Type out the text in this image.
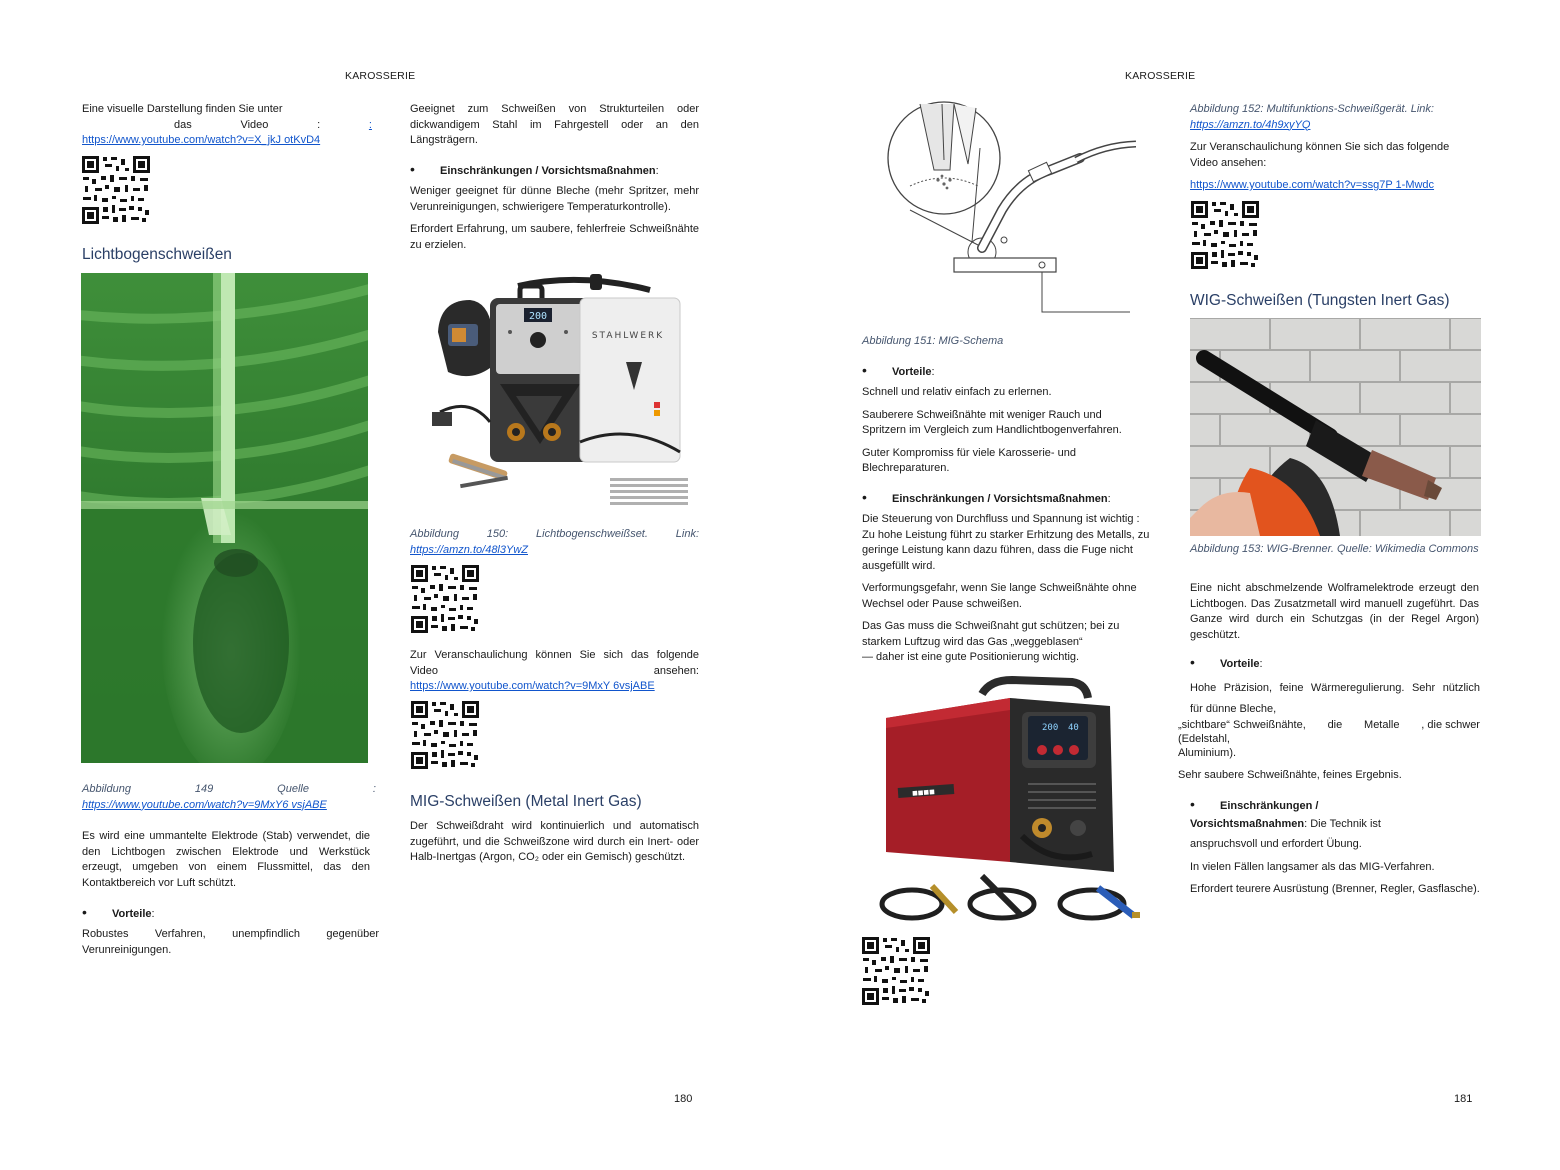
KAROSSERIE	KAROSSERIE
Eine visuelle Darstellung finden Sie unter
das	Video	:	:
https://www.youtube.com/watch?v=X_jkJ otKvD4
Lichtbogenschweißen
Abbildung	149	Quelle	:
https://www.youtube.com/watch?v=9MxY6 vsjABE
Es wird eine ummantelte Elektrode (Stab) verwendet, die den Lichtbogen zwischen Elektrode und Werkstück erzeugt, umgeben von einem Flussmittel, das den Kontaktbereich vor Luft schützt.
• Vorteile:
Robustes Verfahren, unempfindlich gegenüber Verunreinigungen.
Geeignet zum Schweißen von Strukturteilen oder dickwandigem Stahl im Fahrgestell oder an den Längsträgern.
• Einschränkungen / Vorsichtsmaßnahmen:

Weniger geeignet für dünne Bleche (mehr Spritzer, mehr Verunreinigungen, schwierigere Temperaturkontrolle).

Erfordert Erfahrung, um saubere, fehlerfreie Schweißnähte zu erzielen.

200
STAHLWERK
Abbildung 150: Lichtbogenschweißset. Link:
https://amzn.to/48l3YwZ
Zur Veranschaulichung können Sie sich das folgende Video ansehen:
https://www.youtube.com/watch?v=9MxY 6vsjABE
MIG-Schweißen (Metal Inert Gas)
Der Schweißdraht wird kontinuierlich und automatisch zugeführt, und die Schweißzone wird durch ein Inert- oder Halb-Inertgas (Argon, CO₂ oder ein Gemisch) geschützt.
180
Abbildung 151: MIG-Schema
• Vorteile:

Schnell und relativ einfach zu erlernen.

Sauberere Schweißnähte mit weniger Rauch und Spritzern im Vergleich zum Handlichtbogenverfahren.

Guter Kompromiss für viele Karosserie- und Blechreparaturen.

• Einschränkungen / Vorsichtsmaßnahmen:

Die Steuerung von Durchfluss und Spannung ist wichtig : Zu hohe Leistung führt zu starker Erhitzung des Metalls, zu geringe Leistung kann dazu führen, dass die Fuge nicht ausgefüllt wird.

Verformungsgefahr, wenn Sie lange Schweißnähte ohne Wechsel oder Pause schweißen.

Das Gas muss die Schweißnaht gut schützen; bei zu starkem Luftzug wird das Gas „weggeblasen“
— daher ist eine gute Positionierung wichtig.
■■■■
200 40
Abbildung 152: Multifunktions-Schweißgerät. Link:
https://amzn.to/4h9xyYQ
Zur Veranschaulichung können Sie sich das folgende Video ansehen:
https://www.youtube.com/watch?v=ssg7P 1-Mwdc
WIG-Schweißen (Tungsten Inert Gas)
Abbildung 153: WIG-Brenner. Quelle: Wikimedia Commons
Eine nicht abschmelzende Wolframelektrode erzeugt den Lichtbogen. Das Zusatzmetall wird manuell zugeführt. Das Ganze wird durch ein Schutzgas (in der Regel Argon) geschützt.
• Vorteile:
Hohe Präzision, feine Wärmeregulierung. Sehr nützlich
für dünne Bleche,
„sichtbare“ Schweißnähte, die Metalle , die schwer
(Edelstahl,
Aluminium).
Sehr saubere Schweißnähte, feines Ergebnis.
• Einschränkungen /
Vorsichtsmaßnahmen: Die Technik ist

anspruchsvoll und erfordert Übung.

In vielen Fällen langsamer als das MIG-Verfahren.

Erfordert teurere Ausrüstung (Brenner, Regler, Gasflasche).

181
